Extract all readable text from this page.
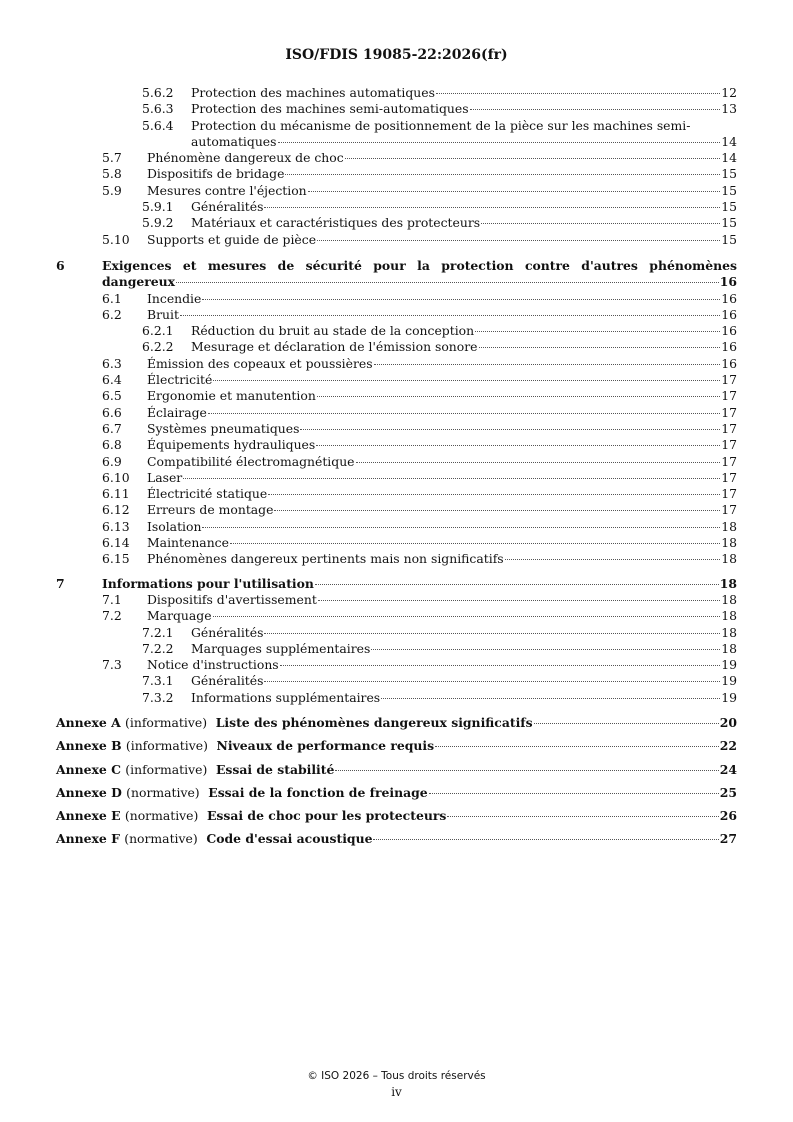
ISO/FDIS 19085-22:2026(fr)
5.6.2	Protection des machines automatiques	12
5.6.3	Protection des machines semi-automatiques	13
5.6.4	Protection du mécanisme de positionnement de la pièce sur les machines semi-
automatiques	14
5.7	Phénomène dangereux de choc	14
5.8	Dispositifs de bridage	15
5.9	Mesures contre l'éjection	15
5.9.1	Généralités	15
5.9.2	Matériaux et caractéristiques des protecteurs	15
5.10	Supports et guide de pièce	15
6	Exigences et mesures de sécurité pour la protection contre d'autres phénomènes
dangereux	16
6.1	Incendie	16
6.2	Bruit	16
6.2.1	Réduction du bruit au stade de la conception	16
6.2.2	Mesurage et déclaration de l'émission sonore	16
6.3	Émission des copeaux et poussières	16
6.4	Électricité	17
6.5	Ergonomie et manutention	17
6.6	Éclairage	17
6.7	Systèmes pneumatiques	17
6.8	Équipements hydrauliques	17
6.9	Compatibilité électromagnétique	17
6.10	Laser	17
6.11	Électricité statique	17
6.12	Erreurs de montage	17
6.13	Isolation	18
6.14	Maintenance	18
6.15	Phénomènes dangereux pertinents mais non significatifs	18
7	Informations pour l'utilisation	18
7.1	Dispositifs d'avertissement	18
7.2	Marquage	18
7.2.1	Généralités	18
7.2.2	Marquages supplémentaires	18
7.3	Notice d'instructions	19
7.3.1	Généralités	19
7.3.2	Informations supplémentaires	19
Annexe A (informative) Liste des phénomènes dangereux significatifs	20
Annexe B (informative) Niveaux de performance requis	22
Annexe C (informative) Essai de stabilité	24
Annexe D (normative) Essai de la fonction de freinage	25
Annexe E (normative) Essai de choc pour les protecteurs	26
Annexe F (normative) Code d'essai acoustique	27
© ISO 2026 – Tous droits réservés
iv
